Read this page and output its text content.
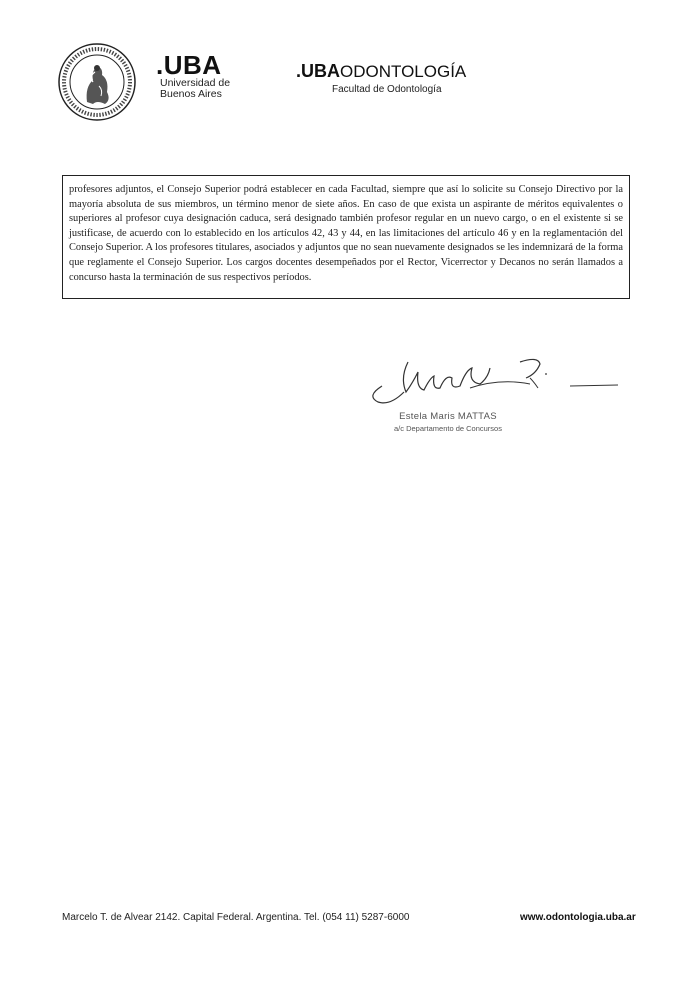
.UBA
Universidad de
Buenos Aires
.UBAODONTOLOGÍA
Facultad de Odontología

profesores adjuntos, el Consejo Superior podrá establecer en cada Facultad, siempre que así lo solicite su Consejo Directivo por la mayoría absoluta de sus miembros, un término menor de siete años. En caso de que exista un aspirante de méritos equivalentes o superiores al profesor cuya designación caduca, será designado también profesor regular en un nuevo cargo, o en el existente si se justificase, de acuerdo con lo establecido en los artículos 42, 43 y 44, en las limitaciones del artículo 46 y en la reglamentación del Consejo Superior. A los profesores titulares, asociados y adjuntos que no sean nuevamente designados se les indemnizará de la forma que reglamente el Consejo Superior. Los cargos docentes desempeñados por el Rector, Vicerrector y Decanos no serán llamados a concurso hasta la terminación de sus respectivos períodos.

Estela Maris MATTAS
a/c Departamento de Concursos
Marcelo T. de Alvear 2142. Capital Federal. Argentina. Tel. (054 11) 5287-6000	www.odontologia.uba.ar
